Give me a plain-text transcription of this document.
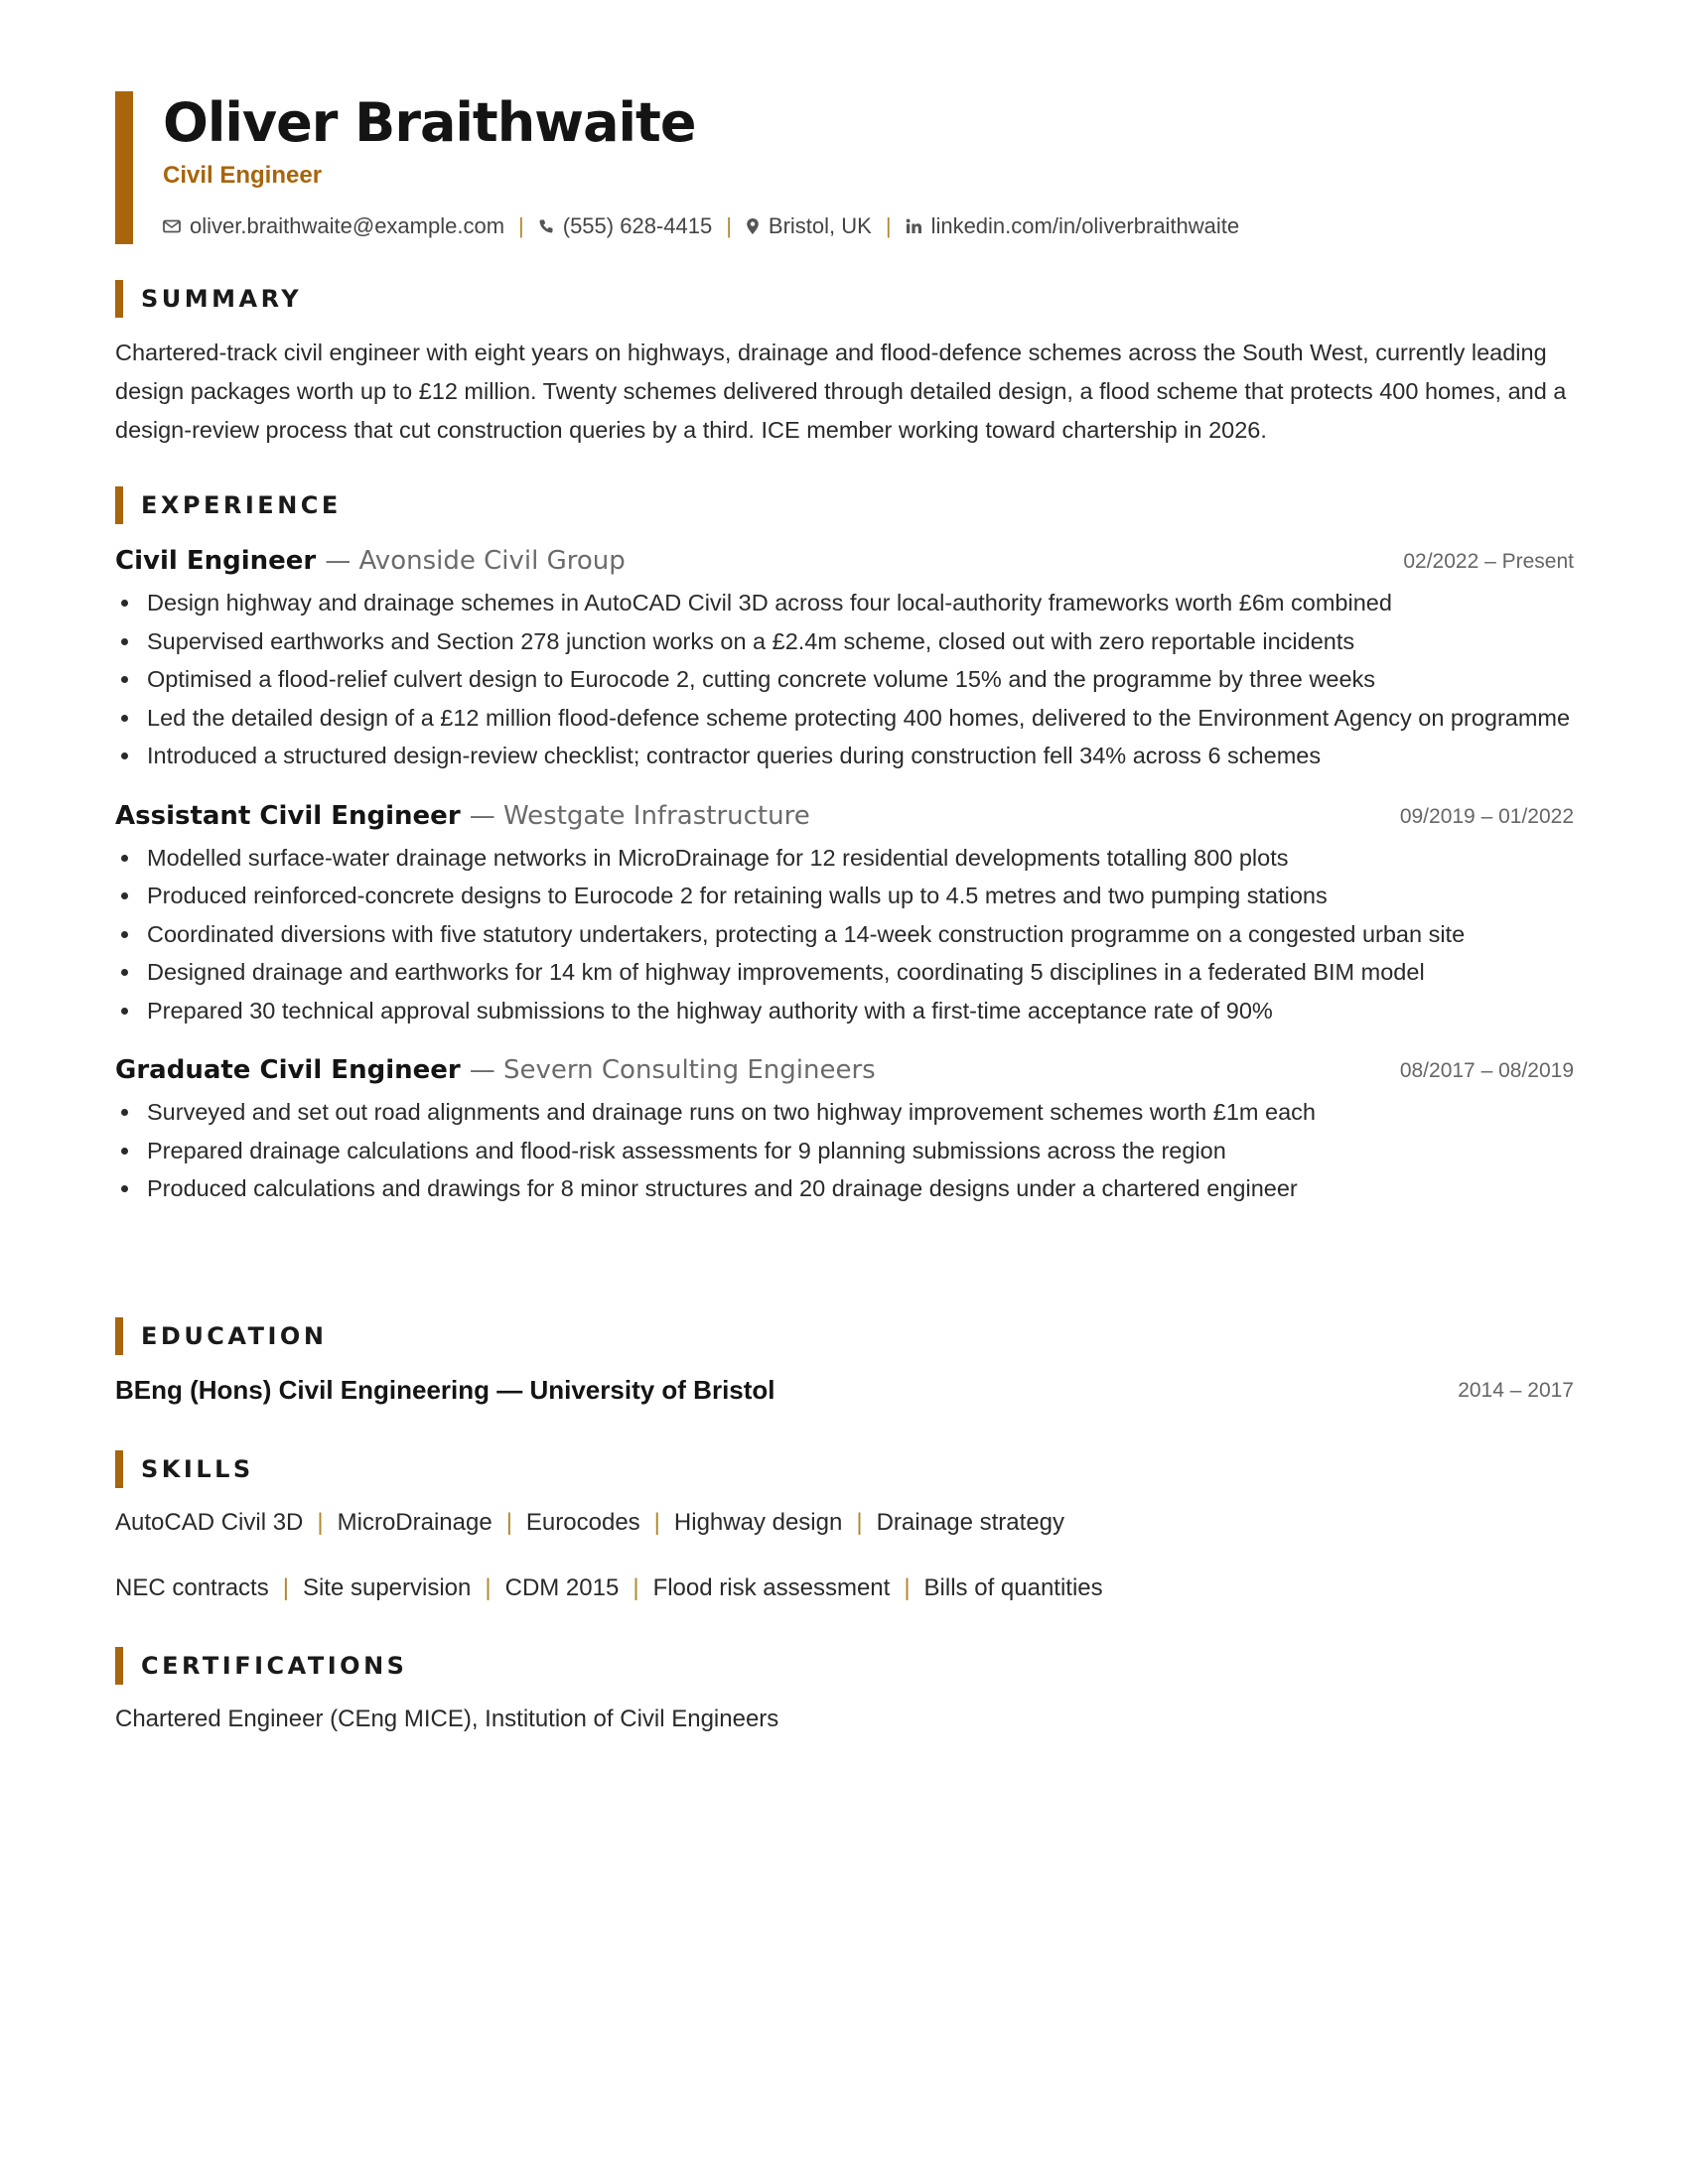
Oliver Braithwaite
Civil Engineer
oliver.braithwaite@example.com | (555) 628-4415 | Bristol, UK | linkedin.com/in/oliverbraithwaite
SUMMARY

Chartered-track civil engineer with eight years on highways, drainage and flood-defence schemes across the South West, currently leading design packages worth up to £12 million. Twenty schemes delivered through detailed design, a flood scheme that protects 400 homes, and a design-review process that cut construction queries by a third. ICE member working toward chartership in 2026.

EXPERIENCE
Civil Engineer — Avonside Civil Group	02/2022 – Present
Design highway and drainage schemes in AutoCAD Civil 3D across four local-authority frameworks worth £6m combined
Supervised earthworks and Section 278 junction works on a £2.4m scheme, closed out with zero reportable incidents
Optimised a flood-relief culvert design to Eurocode 2, cutting concrete volume 15% and the programme by three weeks
Led the detailed design of a £12 million flood-defence scheme protecting 400 homes, delivered to the Environment Agency on programme
Introduced a structured design-review checklist; contractor queries during construction fell 34% across 6 schemes
Assistant Civil Engineer — Westgate Infrastructure	09/2019 – 01/2022
Modelled surface-water drainage networks in MicroDrainage for 12 residential developments totalling 800 plots
Produced reinforced-concrete designs to Eurocode 2 for retaining walls up to 4.5 metres and two pumping stations
Coordinated diversions with five statutory undertakers, protecting a 14-week construction programme on a congested urban site
Designed drainage and earthworks for 14 km of highway improvements, coordinating 5 disciplines in a federated BIM model
Prepared 30 technical approval submissions to the highway authority with a first-time acceptance rate of 90%
Graduate Civil Engineer — Severn Consulting Engineers	08/2017 – 08/2019
Surveyed and set out road alignments and drainage runs on two highway improvement schemes worth £1m each
Prepared drainage calculations and flood-risk assessments for 9 planning submissions across the region
Produced calculations and drawings for 8 minor structures and 20 drainage designs under a chartered engineer
EDUCATION
BEng (Hons) Civil Engineering — University of Bristol	2014 – 2017
SKILLS
AutoCAD Civil 3D | MicroDrainage | Eurocodes | Highway design | Drainage strategy
NEC contracts | Site supervision | CDM 2015 | Flood risk assessment | Bills of quantities
CERTIFICATIONS

Chartered Engineer (CEng MICE), Institution of Civil Engineers
